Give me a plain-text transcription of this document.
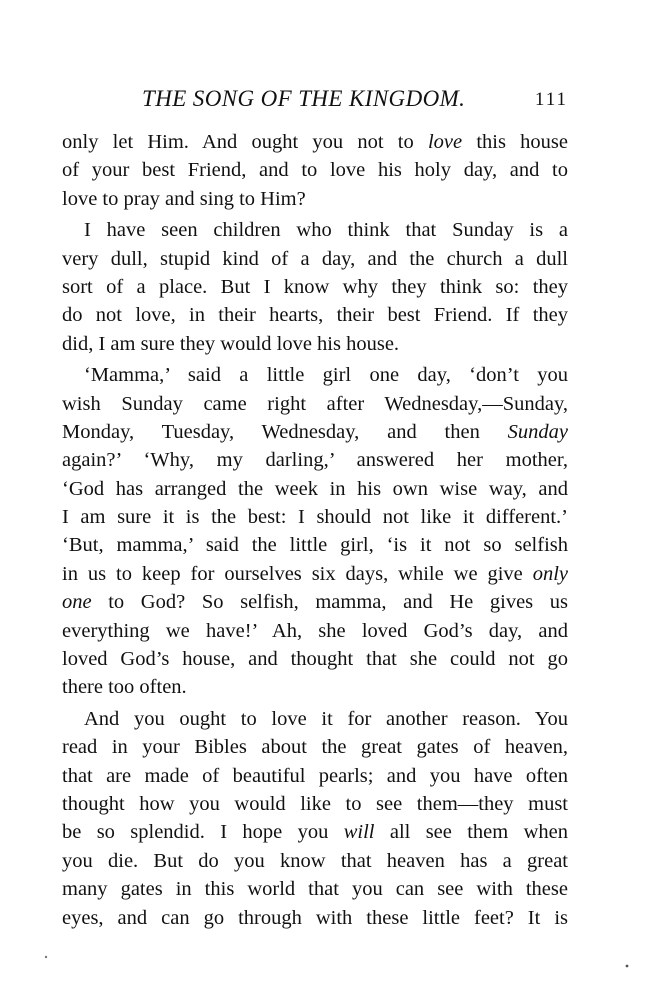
THE SONG OF THE KINGDOM.	111
only let Him. And ought you not to love this house
of your best Friend, and to love his holy day, and to
love to pray and sing to Him?
I have seen children who think that Sunday is a
very dull, stupid kind of a day, and the church a dull
sort of a place. But I know why they think so: they
do not love, in their hearts, their best Friend. If they
did, I am sure they would love his house.
‘Mamma,’ said a little girl one day, ‘don’t you
wish Sunday came right after Wednesday,—Sunday,
Monday, Tuesday, Wednesday, and then Sunday
again?’ ‘Why, my darling,’ answered her mother,
‘God has arranged the week in his own wise way, and
I am sure it is the best: I should not like it different.’
‘But, mamma,’ said the little girl, ‘is it not so selfish
in us to keep for ourselves six days, while we give only
one to God? So selfish, mamma, and He gives us
everything we have!’ Ah, she loved God’s day, and
loved God’s house, and thought that she could not go
there too often.
And you ought to love it for another reason. You
read in your Bibles about the great gates of heaven,
that are made of beautiful pearls; and you have often
thought how you would like to see them—they must
be so splendid. I hope you will all see them when
you die. But do you know that heaven has a great
many gates in this world that you can see with these
eyes, and can go through with these little feet? It is
